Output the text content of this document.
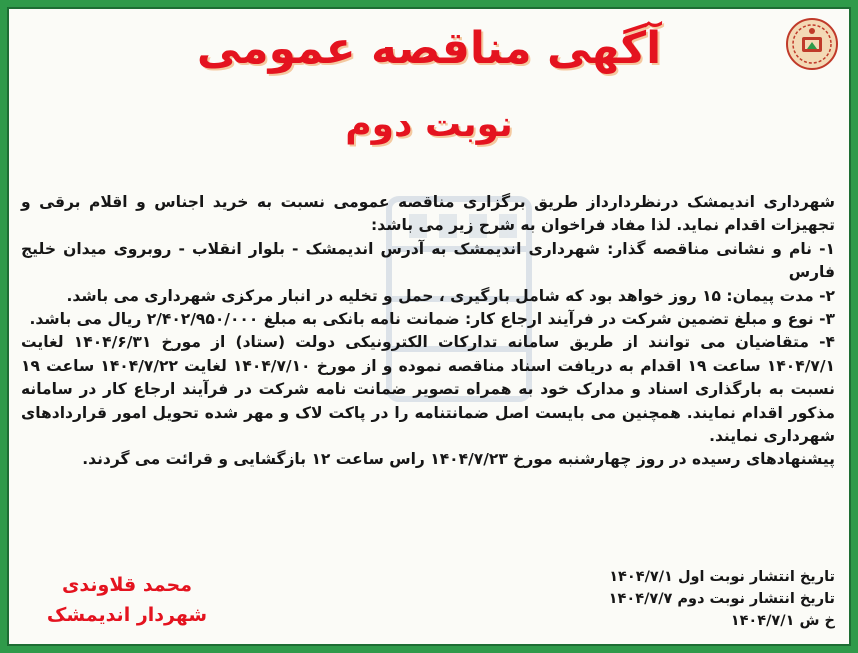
آگهی مناقصه عمومی
نوبت دوم

شهرداری اندیمشک درنظردارداز طریق برگزاری مناقصه عمومی نسبت به خرید اجناس و اقلام برقی و تجهیزات اقدام نماید. لذا مفاد فراخوان به شرح زیر می باشد:

۱- نام و نشانی مناقصه گذار: شهرداری اندیمشک به آدرس اندیمشک - بلوار انقلاب - روبروی میدان خلیج فارس

۲- مدت پیمان: ۱۵ روز خواهد بود که شامل بارگیری ، حمل و تخلیه در انبار مرکزی شهرداری می باشد.

۳- نوع و مبلغ تضمین شرکت در فرآیند ارجاع کار: ضمانت نامه بانکی به مبلغ ۲/۴۰۲/۹۵۰/۰۰۰ ریال می باشد.

۴- متقاضیان می توانند از طریق سامانه تدارکات الکترونیکی دولت (ستاد) از مورخ ۱۴۰۴/۶/۳۱ لغایت ۱۴۰۴/۷/۱ ساعت ۱۹ اقدام به دریافت اسناد مناقصه نموده و از مورخ ۱۴۰۴/۷/۱۰ لغایت ۱۴۰۴/۷/۲۲ ساعت ۱۹ نسبت به بارگذاری اسناد و مدارک خود به همراه تصویر ضمانت نامه شرکت در فرآیند ارجاع کار در سامانه مذکور اقدام نمایند. همچنین می بایست اصل ضمانتنامه را در پاکت لاک و مهر شده تحویل امور قراردادهای شهرداری نمایند.

پیشنهادهای رسیده در روز چهارشنبه مورخ ۱۴۰۴/۷/۲۳ راس ساعت ۱۲ بازگشایی و قرائت می گردند.

تاریخ انتشار نوبت اول ۱۴۰۴/۷/۱
تاریخ انتشار نوبت دوم ۱۴۰۴/۷/۷
خ ش ۱۴۰۴/۷/۱
محمد قلاوندی
شهردار اندیمشک
